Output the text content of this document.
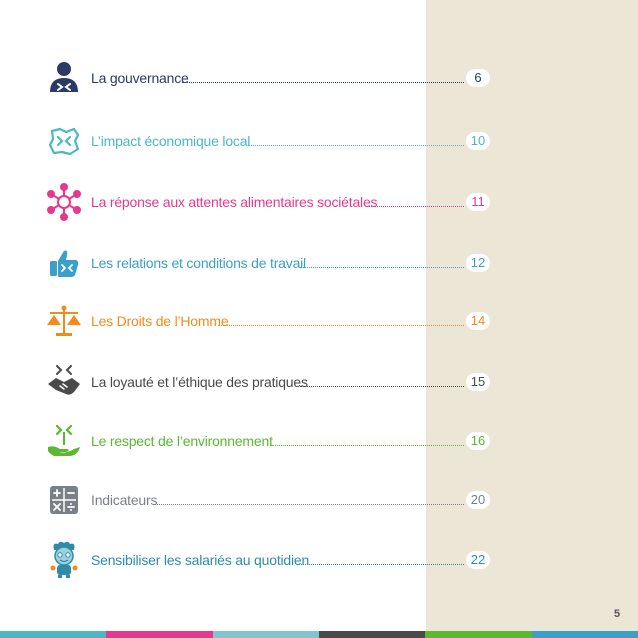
La gouvernance	6
L’impact économique local	10
La réponse aux attentes alimentaires sociétales	11
Les relations et conditions de travail	12
Les Droits de l’Homme	14
La loyauté et l’éthique des pratiques	15
Le respect de l’environnement	16
Indicateurs	20
Sensibiliser les salariés au quotidien	22
5
